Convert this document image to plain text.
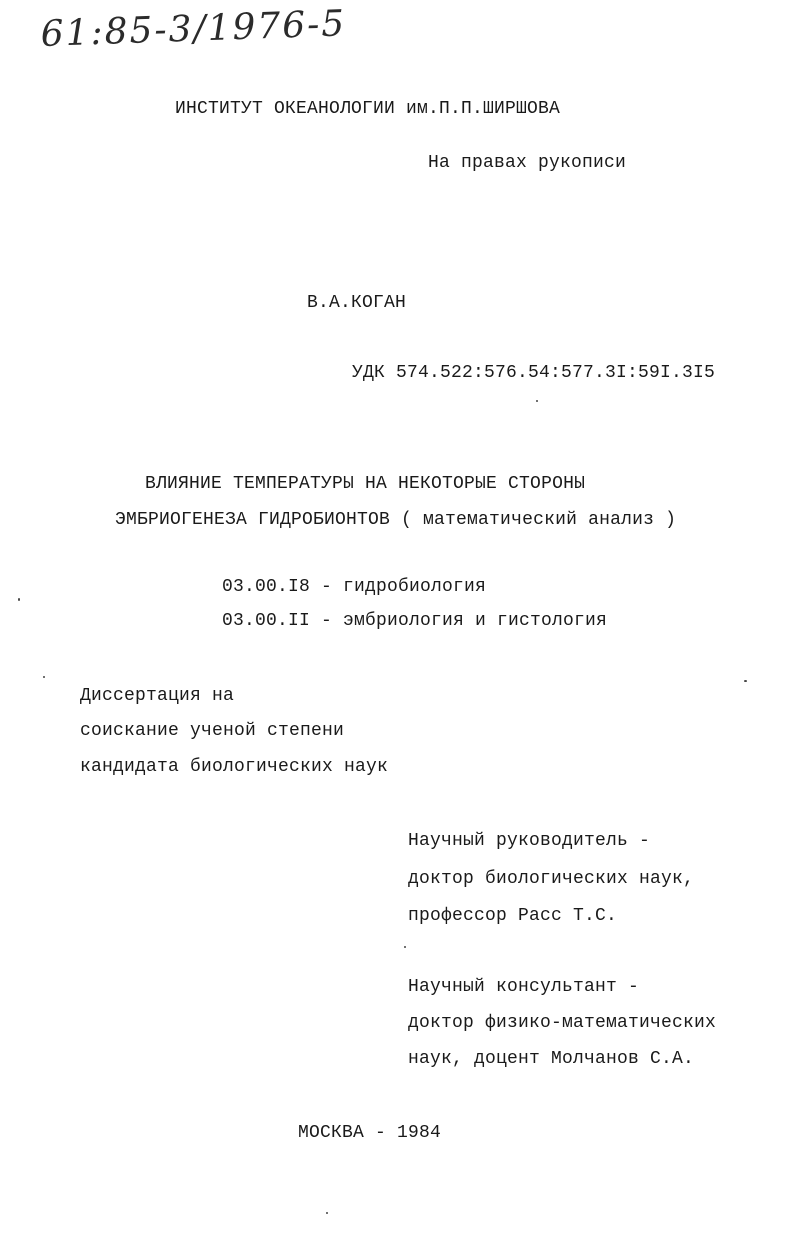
61:85-3/1976-5
ИНСТИТУТ ОКЕАНОЛОГИИ им.П.П.ШИРШОВА
На правах рукописи
В.А.КОГАН
УДК 574.522:576.54:577.3I:59I.3I5
ВЛИЯНИЕ ТЕМПЕРАТУРЫ НА НЕКОТОРЫЕ СТОРОНЫ
ЭМБРИОГЕНЕЗА ГИДРОБИОНТОВ ( математический анализ )
03.00.I8 - гидробиология
03.00.II - эмбриология и гистология
Диссертация на
соискание ученой степени
кандидата биологических наук
Научный руководитель -
доктор биологических наук,
профессор Расс Т.С.
Научный консультант -
доктор физико-математических
наук, доцент Молчанов С.А.
МОСКВА - 1984
